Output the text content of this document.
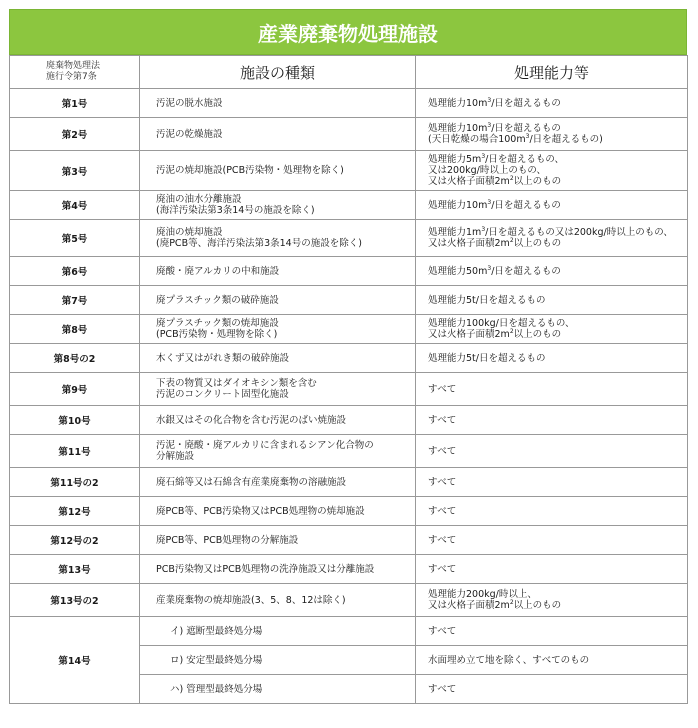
産業廃棄物処理施設
廃棄物処理法
施行令第7条	施設の種類	処理能力等
第1号	汚泥の脱水施設	処理能力$10m^3/$日を超えるもの
第2号	汚泥の乾燥施設	処理能力$10m^3/$日を超えるもの
(天日乾燥の場合$100m^3/$日を超えるもの)
第3号	汚泥の焼却施設(PCB汚染物・処理物を除く)	処理能力$5m^3/$日を超えるもの、
又は200kg/時以上のもの、
又は火格子面積$2m^2$以上のもの
第4号	廃油の油水分離施設
(海洋汚染法第3条14号の施設を除く)	処理能力$10m^3/$日を超えるもの
第5号	廃油の焼却施設
(廃PCB等、海洋汚染法第3条14号の施設を除く)	処理能力$1m^3/$日を超えるもの又は200kg/時以上のもの、
又は火格子面積$2m^2$以上のもの
第6号	廃酸・廃アルカリの中和施設	処理能力$50m^3/$日を超えるもの
第7号	廃プラスチック類の破砕施設	処理能力5t/日を超えるもの
第8号	廃プラスチック類の焼却施設
(PCB汚染物・処理物を除く)	処理能力100kg/日を超えるもの、
又は火格子面積$2m^2$以上のもの
第8号の2	木くず又はがれき類の破砕施設	処理能力5t/日を超えるもの
第9号	下表の物質又はダイオキシン類を含む
汚泥のコンクリート固型化施設	すべて
第10号	水銀又はその化合物を含む汚泥のばい焼施設	すべて
第11号	汚泥・廃酸・廃アルカリに含まれるシアン化合物の
分解施設	すべて
第11号の2	廃石綿等又は石綿含有産業廃棄物の溶融施設	すべて
第12号	廃PCB等、PCB汚染物又はPCB処理物の焼却施設	すべて
第12号の2	廃PCB等、PCB処理物の分解施設	すべて
第13号	PCB汚染物又はPCB処理物の洗浄施設又は分離施設	すべて
第13号の2	産業廃棄物の焼却施設(3、5、8、12は除く)	処理能力200kg/時以上、
又は火格子面積$2m^2$以上のもの
第14号	イ) 遮断型最終処分場	すべて
	ロ) 安定型最終処分場	水面埋め立て地を除く、すべてのもの
	ハ) 管理型最終処分場	すべて
